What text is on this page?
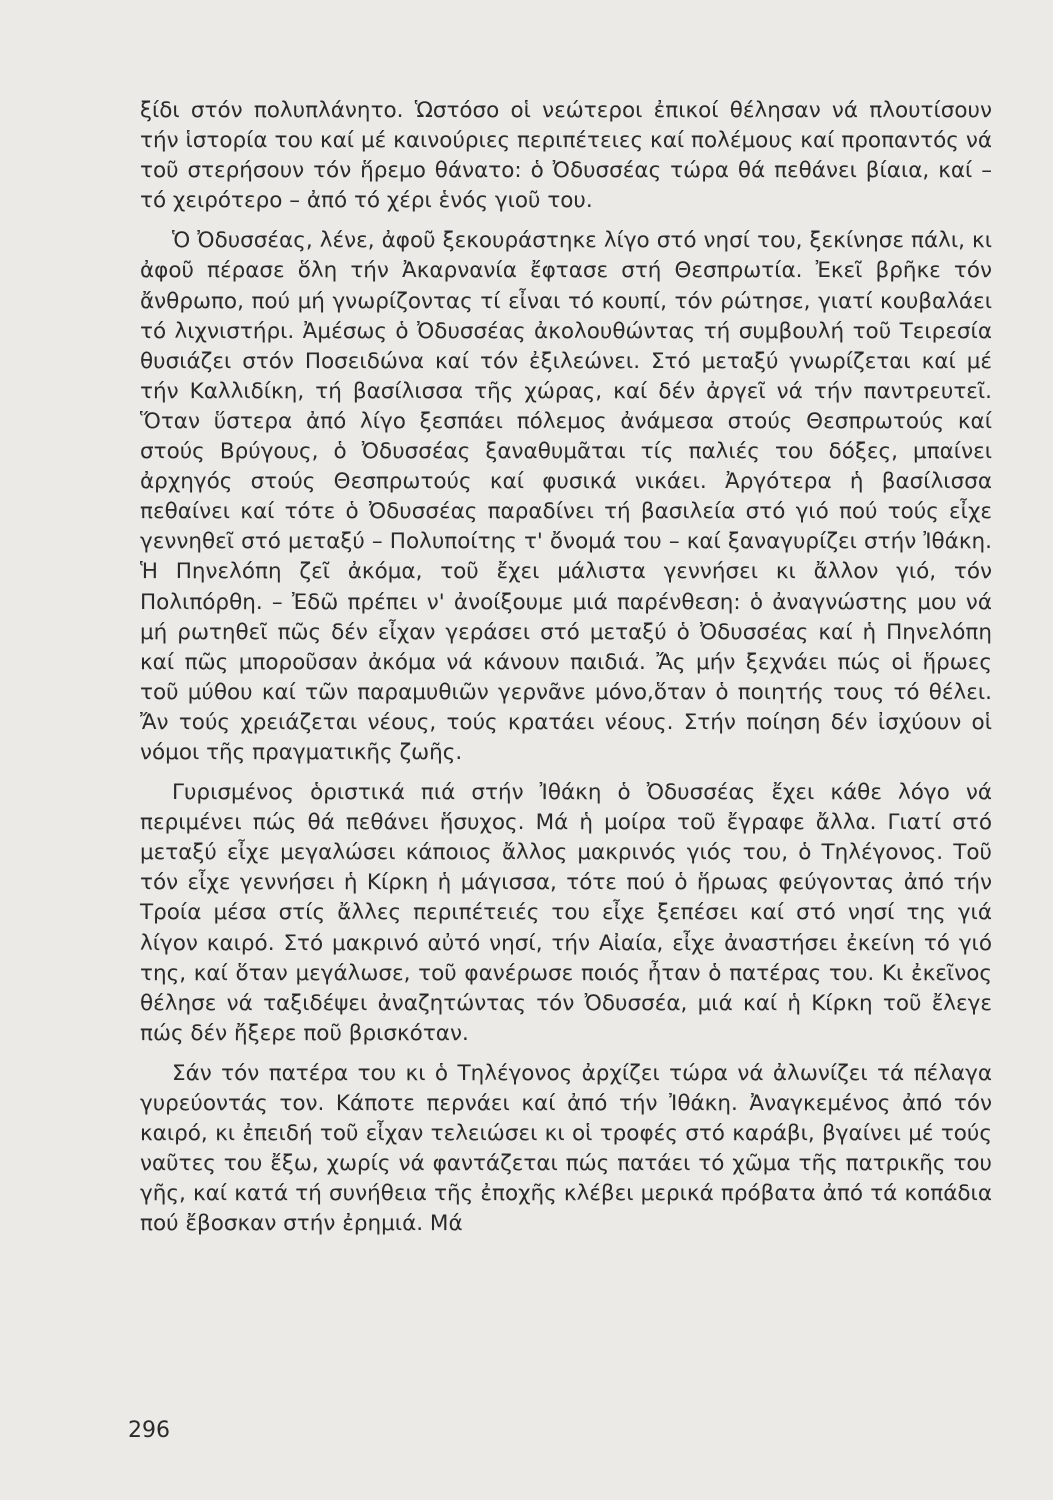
ξίδι στόν πολυπλάνητο. Ὡστόσο οἱ νεώτεροι ἐπικοί θέλησαν νά πλουτίσουν τήν ἱστορία του καί μέ καινούριες περιπέτειες καί πολέμους καί προπαντός νά τοῦ στερήσουν τόν ἥρεμο θάνατο: ὁ Ὀδυσσέας τώρα θά πεθάνει βίαια, καί – τό χειρότερο – ἀπό τό χέρι ἑνός γιοῦ του.

Ὁ Ὀδυσσέας, λένε, ἀφοῦ ξεκουράστηκε λίγο στό νησί του, ξεκίνησε πάλι, κι ἀφοῦ πέρασε ὅλη τήν Ἀκαρνανία ἔφτασε στή Θεσπρωτία. Ἐκεῖ βρῆκε τόν ἄνθρωπο, πού μή γνωρίζοντας τί εἶναι τό κουπί, τόν ρώτησε, γιατί κουβαλάει τό λιχνιστήρι. Ἀμέσως ὁ Ὀδυσσέας ἀκολουθώντας τή συμβουλή τοῦ Τειρεσία θυσιάζει στόν Ποσειδώνα καί τόν ἐξιλεώνει. Στό μεταξύ γνωρίζεται καί μέ τήν Καλλιδίκη, τή βασίλισσα τῆς χώρας, καί δέν ἀργεῖ νά τήν παντρευτεῖ. Ὅταν ὕστερα ἀπό λίγο ξεσπάει πόλεμος ἀνάμεσα στούς Θεσπρωτούς καί στούς Βρύγους, ὁ Ὀδυσσέας ξαναθυμᾶται τίς παλιές του δόξες, μπαίνει ἀρχηγός στούς Θεσπρωτούς καί φυσικά νικάει. Ἀργότερα ἡ βασίλισσα πεθαίνει καί τότε ὁ Ὀδυσσέας παραδίνει τή βασιλεία στό γιό πού τούς εἶχε γεννηθεῖ στό μεταξύ – Πολυποίτης τ' ὄνομά του – καί ξαναγυρίζει στήν Ἰθάκη. Ἡ Πηνελόπη ζεῖ ἀκόμα, τοῦ ἔχει μάλιστα γεννήσει κι ἄλλον γιό, τόν Πολιπόρθη. – Ἐδῶ πρέπει ν' ἀνοίξουμε μιά παρένθεση: ὁ ἀναγνώστης μου νά μή ρωτηθεῖ πῶς δέν εἶχαν γεράσει στό μεταξύ ὁ Ὀδυσσέας καί ἡ Πηνελόπη καί πῶς μποροῦσαν ἀκόμα νά κάνουν παιδιά. Ἄς μήν ξεχνάει πώς οἱ ἥρωες τοῦ μύθου καί τῶν παραμυθιῶν γερνᾶνε μόνο,ὅταν ὁ ποιητής τους τό θέλει. Ἄν τούς χρειάζεται νέους, τούς κρατάει νέους. Στήν ποίηση δέν ἰσχύουν οἱ νόμοι τῆς πραγματικῆς ζωῆς.

Γυρισμένος ὁριστικά πιά στήν Ἰθάκη ὁ Ὀδυσσέας ἔχει κάθε λόγο νά περιμένει πώς θά πεθάνει ἥσυχος. Μά ἡ μοίρα τοῦ ἔγραφε ἄλλα. Γιατί στό μεταξύ εἶχε μεγαλώσει κάποιος ἄλλος μακρινός γιός του, ὁ Τηλέγονος. Τοῦ τόν εἶχε γεννήσει ἡ Κίρκη ἡ μάγισσα, τότε πού ὁ ἥρωας φεύγοντας ἀπό τήν Τροία μέσα στίς ἄλλες περιπέτειές του εἶχε ξεπέσει καί στό νησί της γιά λίγον καιρό. Στό μακρινό αὐτό νησί, τήν Αἰαία, εἶχε ἀναστήσει ἐκείνη τό γιό της, καί ὅταν μεγάλωσε, τοῦ φανέρωσε ποιός ἦταν ὁ πατέρας του. Κι ἐκεῖνος θέλησε νά ταξιδέψει ἀναζητώντας τόν Ὀδυσσέα, μιά καί ἡ Κίρκη τοῦ ἔλεγε πώς δέν ἤξερε ποῦ βρισκόταν.

Σάν τόν πατέρα του κι ὁ Τηλέγονος ἀρχίζει τώρα νά ἀλωνίζει τά πέλαγα γυρεύοντάς τον. Κάποτε περνάει καί ἀπό τήν Ἰθάκη. Ἀναγκεμένος ἀπό τόν καιρό, κι ἐπειδή τοῦ εἶχαν τελειώσει κι οἱ τροφές στό καράβι, βγαίνει μέ τούς ναῦτες του ἔξω, χωρίς νά φαντάζεται πώς πατάει τό χῶμα τῆς πατρικῆς του γῆς, καί κατά τή συνήθεια τῆς ἐποχῆς κλέβει μερικά πρόβατα ἀπό τά κοπάδια πού ἔβοσκαν στήν ἐρημιά. Μά

296
